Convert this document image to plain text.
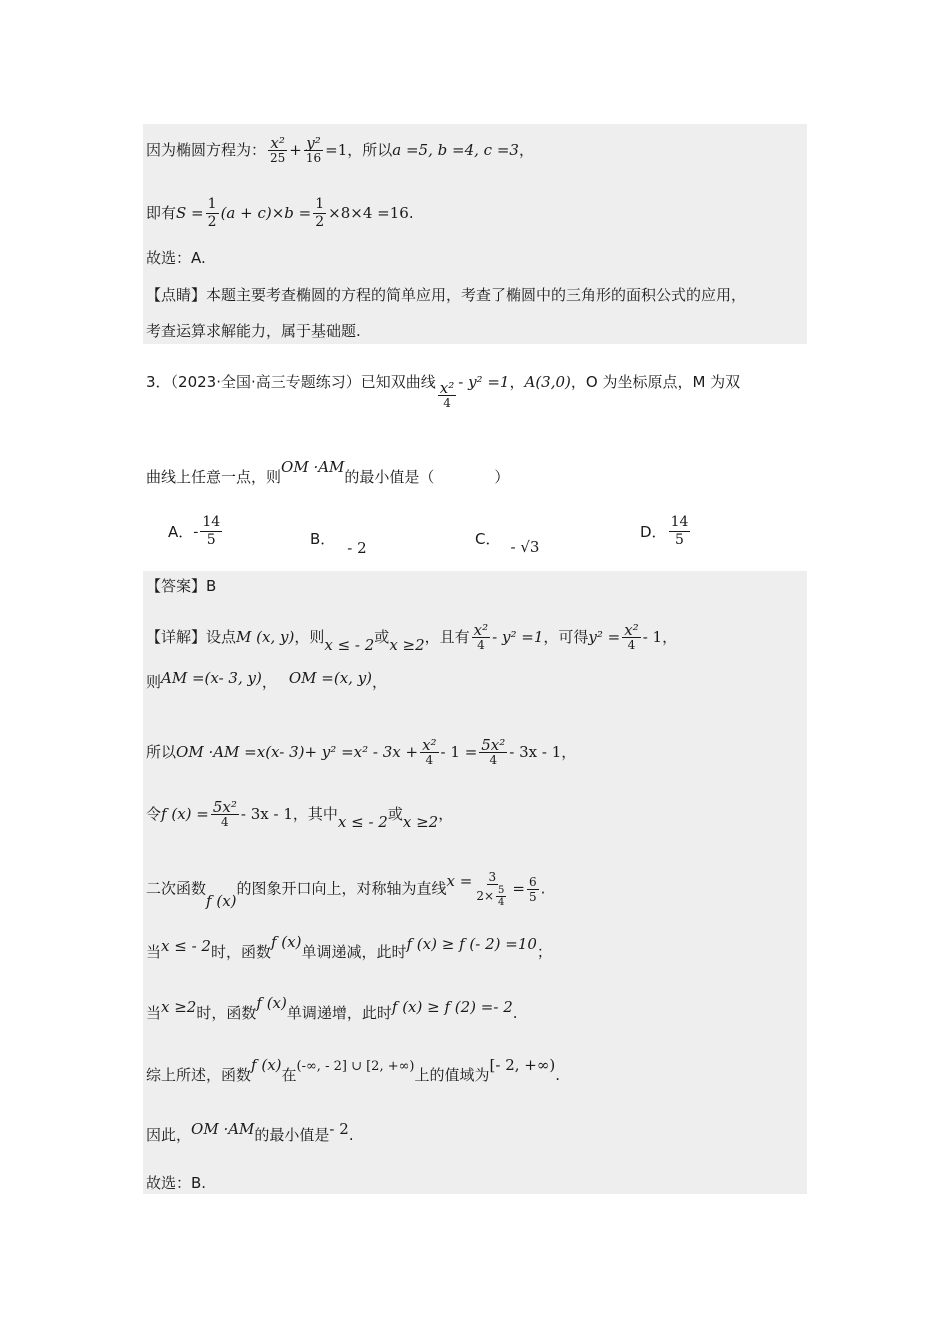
因为椭圆方程为： $\frac{\text{x²}}{25} + \frac{\text{y²}}{16} =1$，所以a =5, b =4, c =3，
即有$S = \frac{1}{2} (a + c)\times b = \frac{1}{2} \times 8\times 4 =16$.
故选：A.
【点睛】本题主要考查椭圆的方程的简单应用，考查了椭圆中的三角形的面积公式的应用，
考查运算求解能力，属于基础题.
3．（2023·全国·高三专题练习）已知双曲线 $\frac{\text{x²}}{4} - y^2 =1$，A(3,0)，O 为坐标原点，M 为双
曲线上任意一点，则OM ·AM的最小值是（　　　　）
A．- $\frac{14}{5}$	B． - 2	C． - √3
D． $\frac{14}{5}$
【答案】B
【详解】设点M (x, y)，则x ≤ - 2或x ≥2，且有 $\frac{\text{x²}}{4} - y^2 =1$，可得$y^2 = \frac{\text{x²}}{4} - 1$，
则AM =(x- 3, y)， OM =(x, y)，
所以OM ·AM =x(x- $3)+ y^2 =x^2 - 3x + \frac{\text{x²}}{4} - 1 = \frac{\text{5x²}}{4} - 3x - 1$，
令f $(x) = \frac{\text{5x²}}{4} - 3x - 1$，其中x ≤ - 2或x ≥2，
二次函数f (x)的图象开口向上，对称轴为直线$x = \frac{3}{2\times \frac{5}{4}} = \frac{6}{5}$ .
当x ≤ - 2时，函数f (x)单调递减，此时f (x) ≥ f (- 2) =10；
当x ≥2时，函数f (x)单调递增，此时f (x) ≥ f (2) =- 2.
综上所述，函数f (x)在(-∞, - 2] ∪ [2, +∞)上的值域为[- 2, +∞).
因此，OM ·AM的最小值是- 2.
故选：B.
